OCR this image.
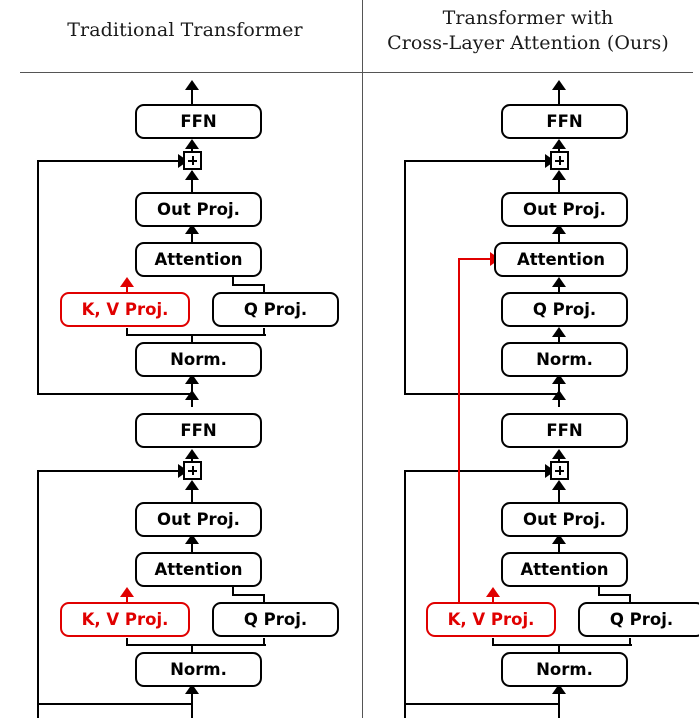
Traditional Transformer
Transformer with
Cross-Layer Attention (Ours)
FFN
Out Proj.
Attention
K, V Proj.	Q Proj.
Norm.
FFN
Out Proj.
Attention
K, V Proj.	Q Proj.
Norm.
FFN
Out Proj.
Attention
Q Proj.
Norm.
FFN
Out Proj.
Attention
K, V Proj.	Q Proj.
Norm.
